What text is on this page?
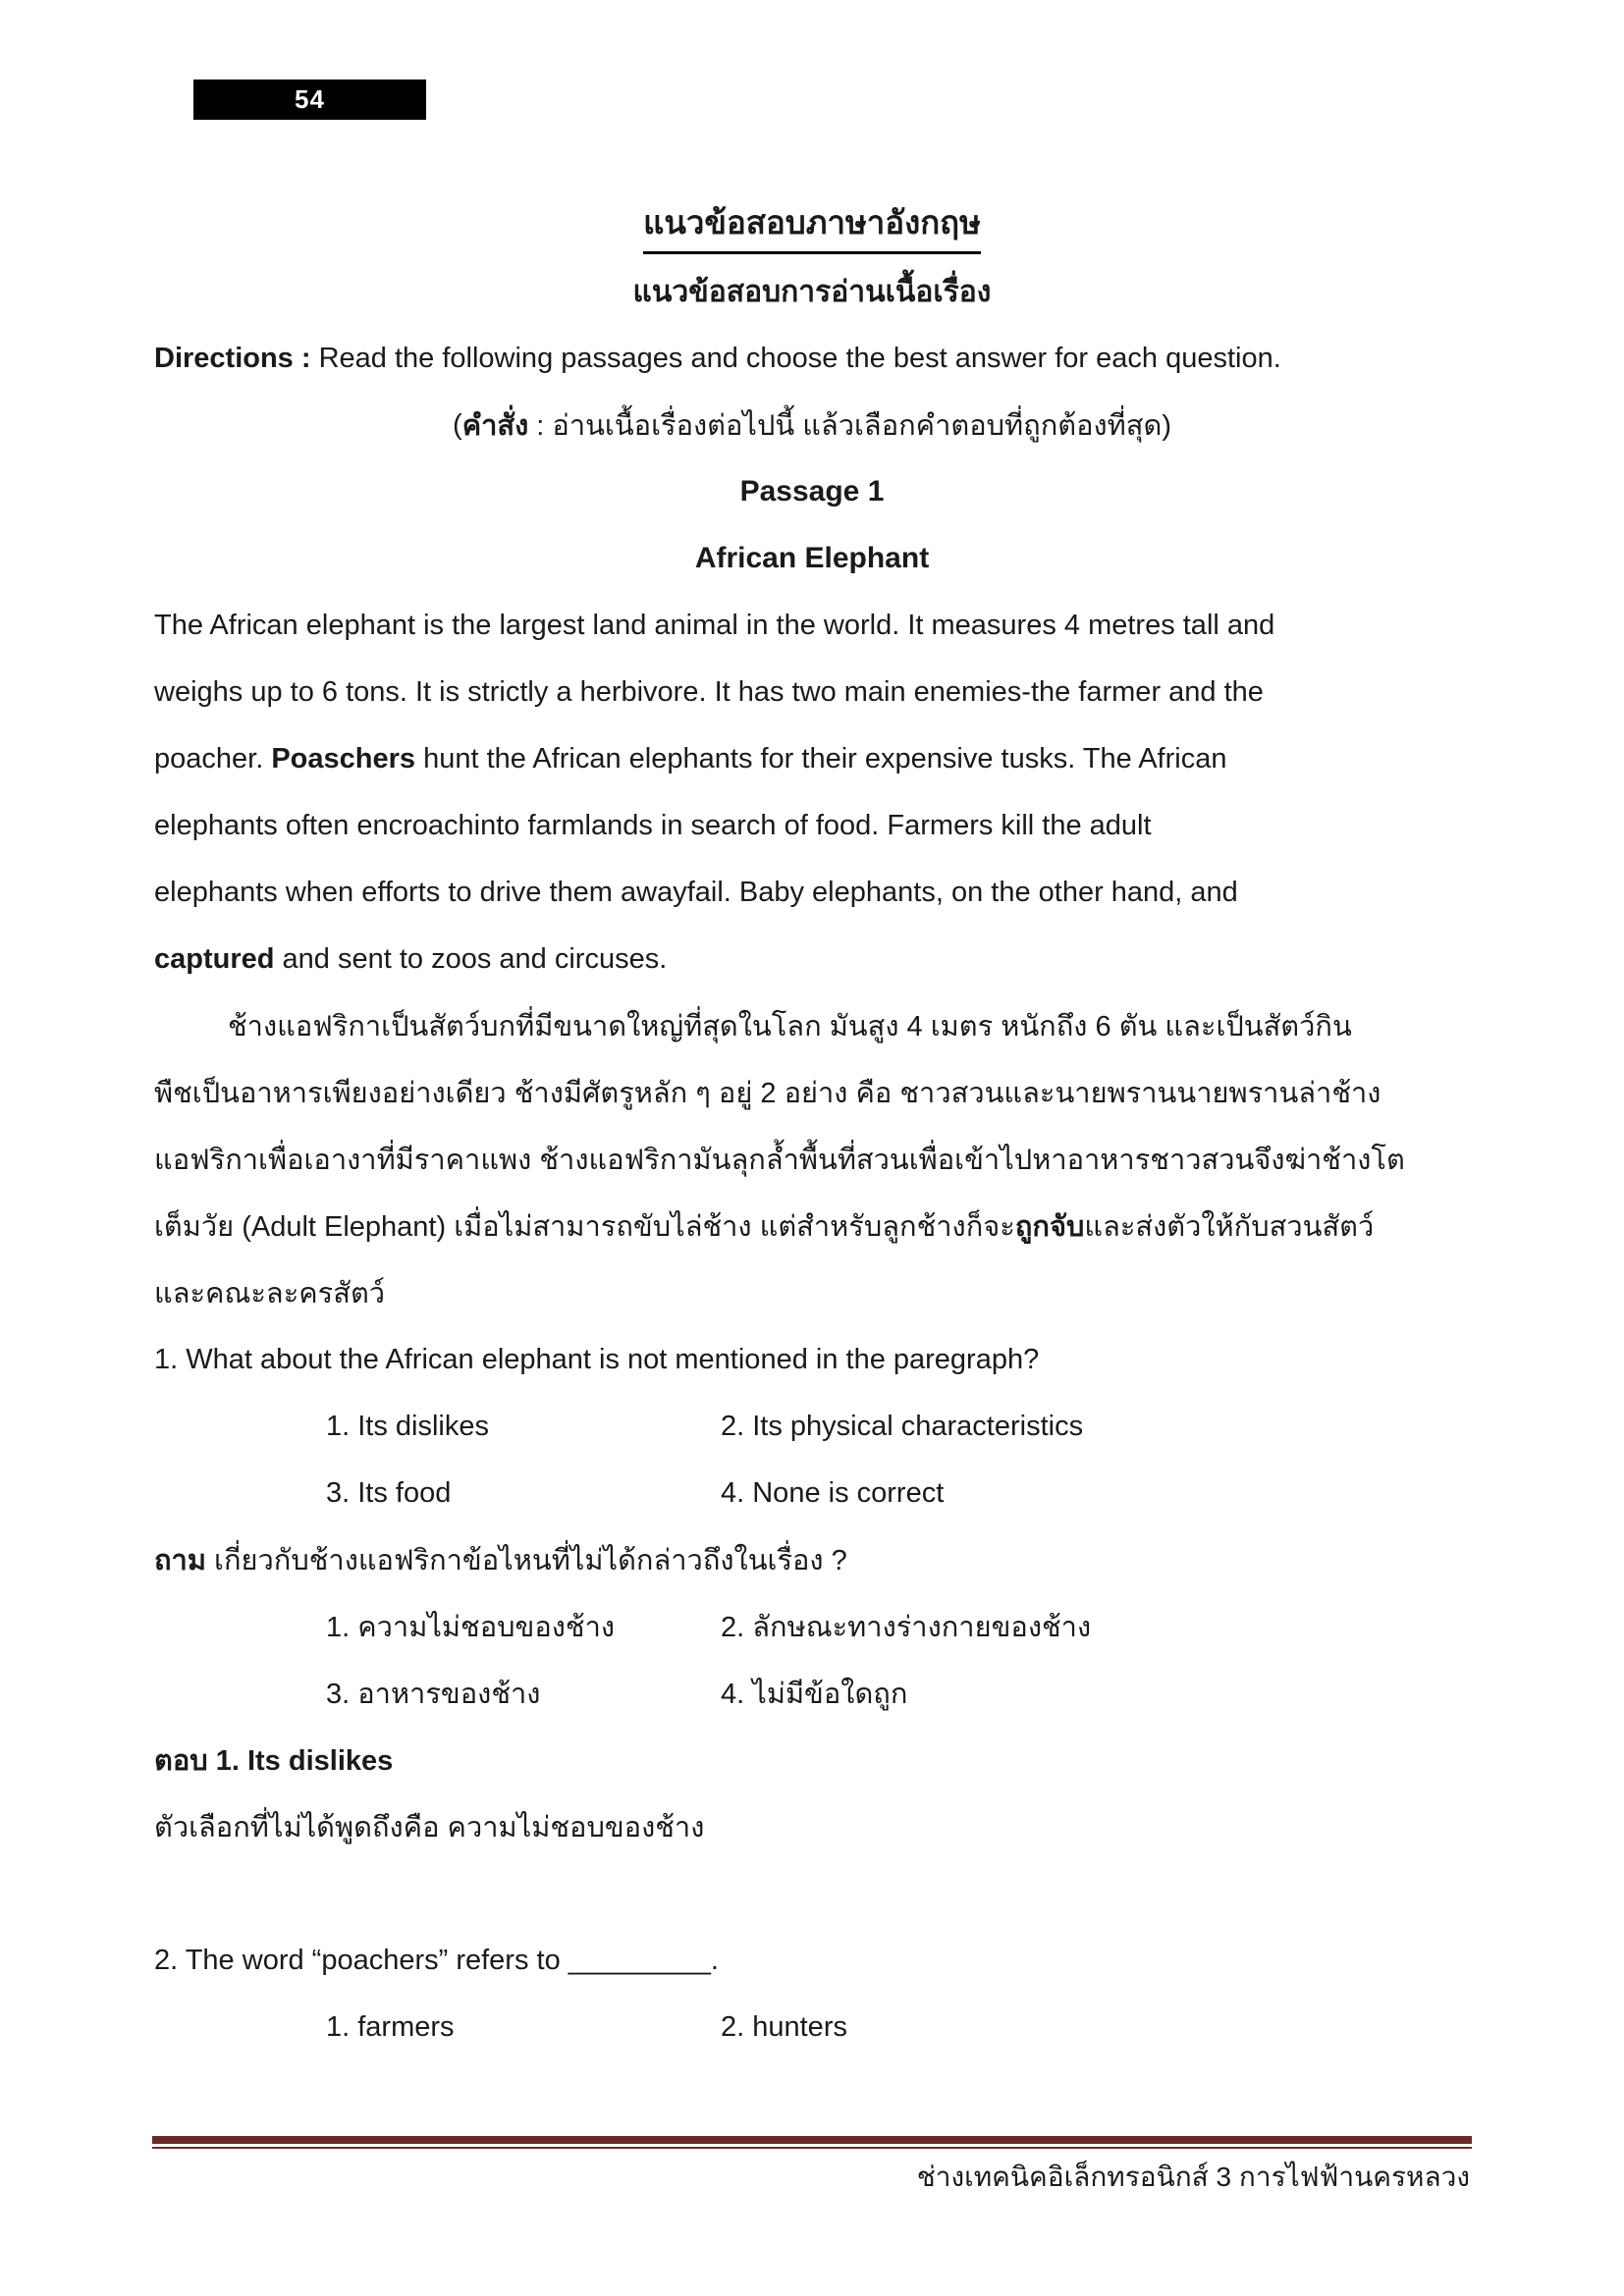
54
แนวข้อสอบภาษาอังกฤษ
แนวข้อสอบการอ่านเนื้อเรื่อง
Directions : Read the following passages and choose the best answer for each question.
( คำสั่ง : อ่านเนื้อเรื่องต่อไปนี้ แล้วเลือกคำตอบที่ถูกต้องที่สุด)
Passage 1
African Elephant
The African elephant is the largest land animal in the world. It measures 4 metres tall and
weighs up to 6 tons. It is strictly a herbivore. It has two main enemies-the farmer and the
poacher. Poaschers hunt the African elephants for their expensive tusks. The African
elephants often encroachinto farmlands in search of food. Farmers kill the adult
elephants when efforts to drive them awayfail. Baby elephants, on the other hand, and
captured and sent to zoos and circuses.
ช้างแอฟริกาเป็นสัตว์บกที่มีขนาดใหญ่ที่สุดในโลก มันสูง 4 เมตร หนักถึง 6 ตัน และเป็นสัตว์กิน
พืชเป็นอาหารเพียงอย่างเดียว ช้างมีศัตรูหลัก ๆ อยู่ 2 อย่าง คือ ชาวสวนและนายพรานนายพรานล่าช้าง
แอฟริกาเพื่อเอางาที่มีราคาแพง ช้างแอฟริกามันลุกล้ำพื้นที่สวนเพื่อเข้าไปหาอาหารชาวสวนจึงฆ่าช้างโต
เต็มวัย (Adult Elephant) เมื่อไม่สามารถขับไล่ช้าง แต่สำหรับลูกช้างก็จะ ถูกจับ และส่งตัวให้กับสวนสัตว์
และคณะละครสัตว์
1. What about the African elephant is not mentioned in the paregraph?
1. Its dislikes	2. Its physical characteristics
3. Its food	4. None is correct
ถาม เกี่ยวกับช้างแอฟริกาข้อไหนที่ไม่ได้กล่าวถึงในเรื่อง ?
1. ความไม่ชอบของช้าง	2. ลักษณะทางร่างกายของช้าง
3. อาหารของช้าง	4. ไม่มีข้อใดถูก
ตอบ 1. Its dislikes
ตัวเลือกที่ไม่ได้พูดถึงคือ ความไม่ชอบของช้าง
2. The word “poachers” refers to _________.
1. farmers	2. hunters
ช่างเทคนิคอิเล็กทรอนิกส์ 3 การไฟฟ้านครหลวง
